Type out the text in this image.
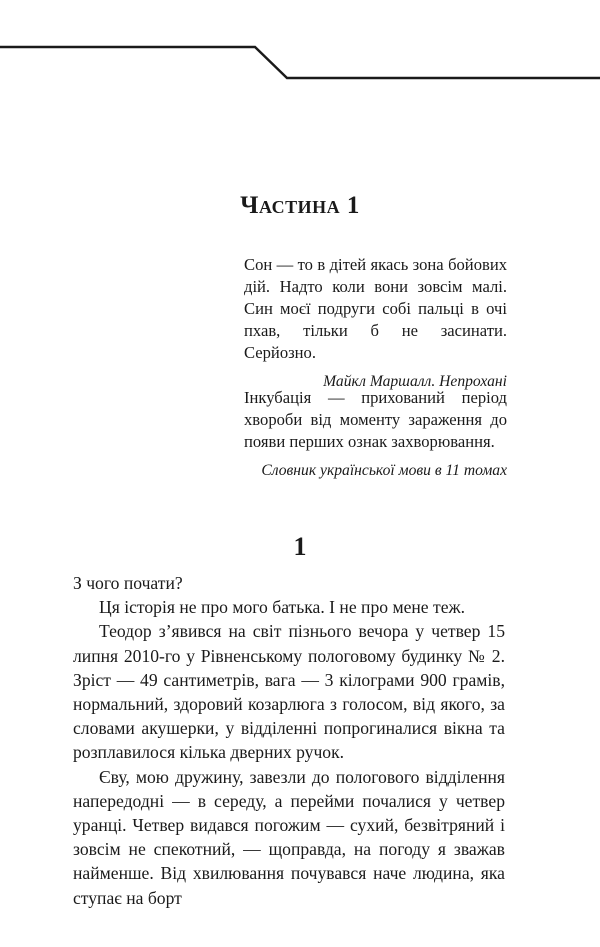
Частина 1

Сон — то в дітей якась зона бойових дій. Надто коли вони зовсім малі. Син моєї подруги собі пальці в очі пхав, тільки б не засинати. Серйозно.

Майкл Маршалл. Непрохані

Інкубація — прихований період хвороби від моменту зараження до появи перших ознак захворювання.

Словник української мови в 11 томах

1

З чого почати?

Ця історія не про мого батька. І не про мене теж.

Теодор з’явився на світ пізнього вечора у четвер 15 липня 2010-го у Рівненському пологовому будинку № 2. Зріст — 49 сантиметрів, вага — 3 кілограми 900 грамів, нормальний, здоровий козарлюга з голосом, від якого, за словами акушерки, у відділенні попрогиналися вікна та розплавилося кілька дверних ручок.

Єву, мою дружину, завезли до пологового відділення напередодні — в середу, а перейми почалися у четвер уранці. Четвер видався погожим — сухий, безвітряний і зовсім не спекотний, — щоправда, на погоду я зважав найменше. Від хвилювання почувався наче людина, яка ступає на борт
